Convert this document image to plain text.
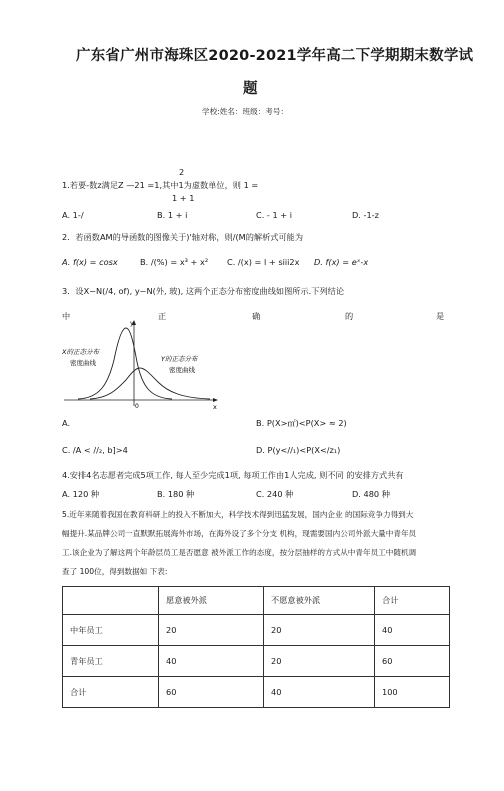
广东省广州市海珠区2020-2021学年高二下学期期末数学试
题
学校:姓名：班级：考号：
2
1.若要-数z满足Z —21 =1,其中1为虚数单位，则 1 =
1 + 1
A. 1-/	B. 1 + i	C. - 1 + i	D. -1-z
2．若函数AM的导函数的图像关于)'轴对称，则/(M的解析式可能为
A. f(x) = cosx	B. /(%) = x³ + x² C. /(x) = l + siii2x D. f(x) = eˣ-x
3．设X∽N(/4, of), y∽N(外, 玻), 这两个正态分布密度曲线如图所示.下列结论
中	正	确	的	是
y
x
0
X的正态分布
密度曲线	Y的正态分布
密度曲线
A.	B. P(X>㎡)<P(X> ≈ 2)
C. /A < //₂, b]>4	D. P(y<//₁)<P(X</z₁)
4.安排4名志愿者完成5项工作, 每人至少完成1项, 每项工作由1人完成, 则不同 的安排方式共有
A. 120 种	B. 180 种	C. 240 种	D. 480 种
5.近年来随着我国在教育科研上的投入不断加大，科学技术得到迅猛发展，国内企业 的国际竞争力得到大
幅提升.某品牌公司一直默默拓展海外市场，在海外设了多个分支 机构，现需要国内公司外派大量中青年员
工.该企业为了解这两个年龄层员工是否愿意 被外派工作的态度，按分层抽样的方式从中青年员工中随机调
查了 100位，得到数据如 下表:
	愿意被外派	不愿意被外派	合计
中年员工	20	20	40
青年员工	40	20	60
合计	60	40	100
